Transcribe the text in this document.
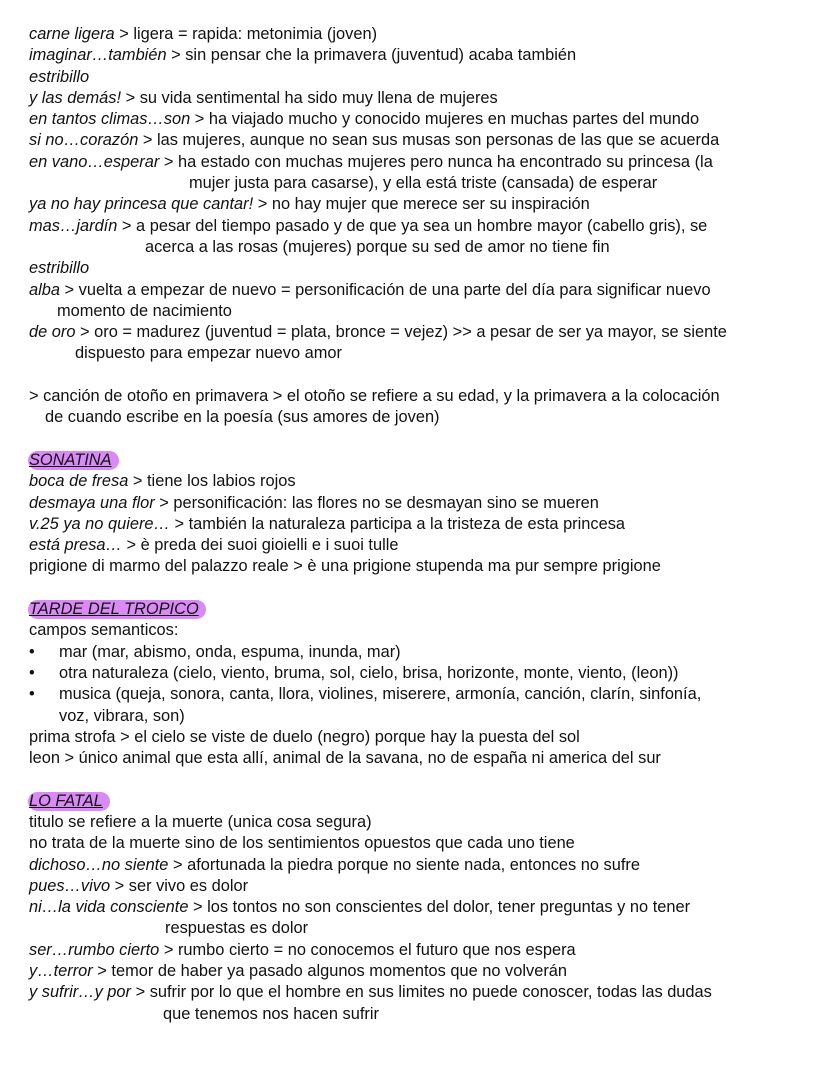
carne ligera > ligera = rapida: metonimia (joven)
imaginar…también > sin pensar che la primavera (juventud) acaba también
estribillo
y las demás! > su vida sentimental ha sido muy llena de mujeres
en tantos climas…son > ha viajado mucho y conocido mujeres en muchas partes del mundo
si no…corazón > las mujeres, aunque no sean sus musas son personas de las que se acuerda
en vano…esperar > ha estado con muchas mujeres pero nunca ha encontrado su princesa (la
mujer justa para casarse), y ella está triste (cansada) de esperar
ya no hay princesa que cantar! > no hay mujer que merece ser su inspiración
mas…jardín > a pesar del tiempo pasado y de que ya sea un hombre mayor (cabello gris), se
acerca a las rosas (mujeres) porque su sed de amor no tiene fin
estribillo
alba > vuelta a empezar de nuevo = personificación de una parte del día para significar nuevo
momento de nacimiento
de oro > oro = madurez (juventud = plata, bronce = vejez) >> a pesar de ser ya mayor, se siente
dispuesto para empezar nuevo amor
> canción de otoño en primavera > el otoño se refiere a su edad, y la primavera a la colocación
de cuando escribe en la poesía (sus amores de joven)
SONATINA
boca de fresa > tiene los labios rojos
desmaya una flor > personificación: las flores no se desmayan sino se mueren
v.25 ya no quiere… > también la naturaleza participa a la tristeza de esta princesa
está presa… > è preda dei suoi gioielli e i suoi tulle
prigione di marmo del palazzo reale > è una prigione stupenda ma pur sempre prigione
TARDE DEL TROPICO
campos semanticos:
• mar (mar, abismo, onda, espuma, inunda, mar)
• otra naturaleza (cielo, viento, bruma, sol, cielo, brisa, horizonte, monte, viento, (leon))
• musica (queja, sonora, canta, llora, violines, miserere, armonía, canción, clarín, sinfonía,
voz, vibrara, son)
prima strofa > el cielo se viste de duelo (negro) porque hay la puesta del sol
leon > único animal que esta allí, animal de la savana, no de españa ni america del sur
LO FATAL
titulo se refiere a la muerte (unica cosa segura)
no trata de la muerte sino de los sentimientos opuestos que cada uno tiene
dichoso…no siente > afortunada la piedra porque no siente nada, entonces no sufre
pues…vivo > ser vivo es dolor
ni…la vida consciente > los tontos no son conscientes del dolor, tener preguntas y no tener
respuestas es dolor
ser…rumbo cierto > rumbo cierto = no conocemos el futuro que nos espera
y…terror > temor de haber ya pasado algunos momentos que no volverán
y sufrir…y por > sufrir por lo que el hombre en sus limites no puede conoscer, todas las dudas
que tenemos nos hacen sufrir
